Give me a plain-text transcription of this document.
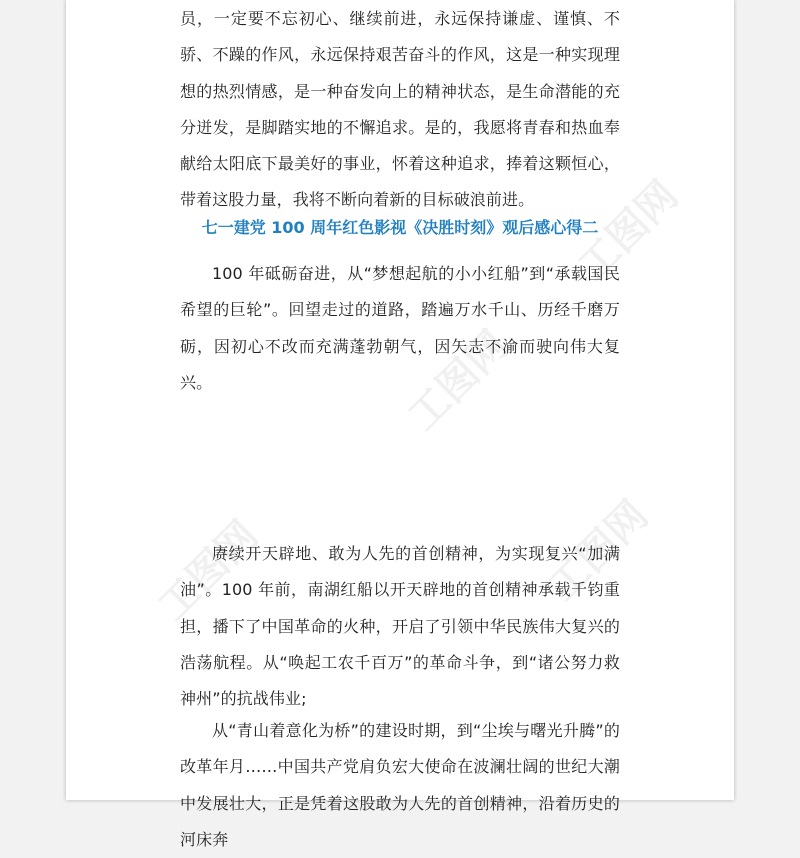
工图网
工图网
工图网	工图网

员，一定要不忘初心、继续前进，永远保持谦虚、谨慎、不骄、不躁的作风，永远保持艰苦奋斗的作风，这是一种实现理想的热烈情感，是一种奋发向上的精神状态，是生命潜能的充分迸发，是脚踏实地的不懈追求。是的，我愿将青春和热血奉献给太阳底下最美好的事业，怀着这种追求，捧着这颗恒心，带着这股力量，我将不断向着新的目标破浪前进。

七一建党 100 周年红色影视《决胜时刻》观后感心得二

100 年砥砺奋进，从“梦想起航的小小红船”到“承载国民希望的巨轮”。回望走过的道路，踏遍万水千山、历经千磨万砺，因初心不改而充满蓬勃朝气，因矢志不渝而驶向伟大复兴。

赓续开天辟地、敢为人先的首创精神，为实现复兴“加满油”。100 年前，南湖红船以开天辟地的首创精神承载千钧重担，播下了中国革命的火种，开启了引领中华民族伟大复兴的浩荡航程。从“唤起工农千百万”的革命斗争，到“诸公努力救神州”的抗战伟业;

从“青山着意化为桥”的建设时期，到“尘埃与曙光升腾”的改革年月……中国共产党肩负宏大使命在波澜壮阔的世纪大潮中发展壮大，正是凭着这股敢为人先的首创精神，沿着历史的河床奔
